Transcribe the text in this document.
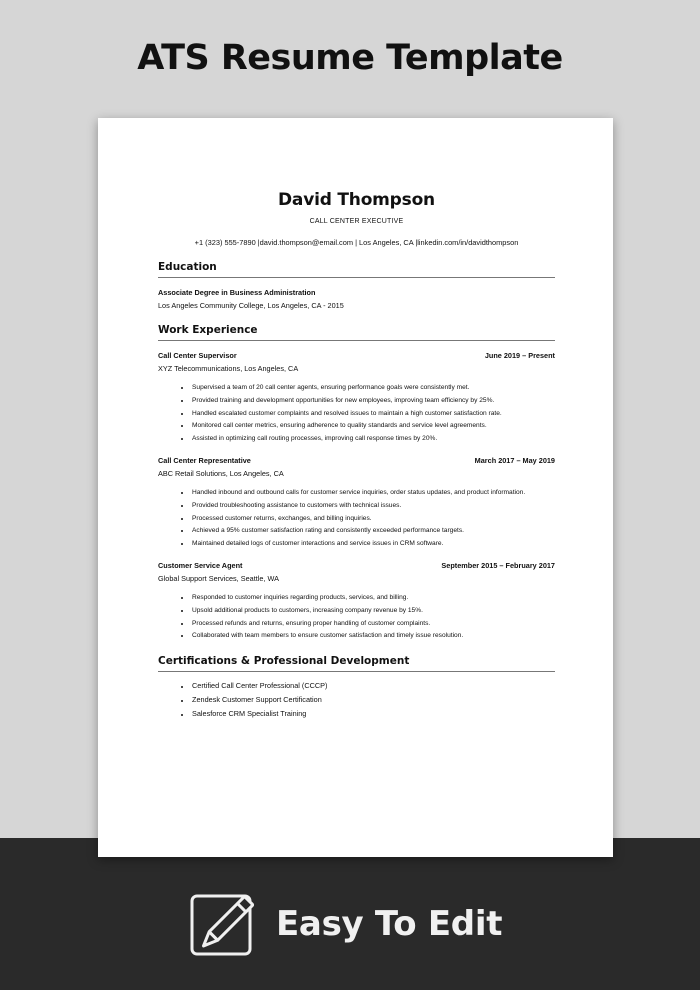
ATS Resume Template
David Thompson
CALL CENTER EXECUTIVE
+1 (323) 555-7890 |david.thompson@email.com | Los Angeles, CA |linkedin.com/in/davidthompson
Education
Associate Degree in Business Administration
Los Angeles Community College, Los Angeles, CA - 2015
Work Experience
Call Center Supervisor	June 2019 – Present
XYZ Telecommunications, Los Angeles, CA
• Supervised a team of 20 call center agents, ensuring performance goals were consistently met.
• Provided training and development opportunities for new employees, improving team efficiency by 25%.
• Handled escalated customer complaints and resolved issues to maintain a high customer satisfaction rate.
• Monitored call center metrics, ensuring adherence to quality standards and service level agreements.
• Assisted in optimizing call routing processes, improving call response times by 20%.
Call Center Representative	March 2017 – May 2019
ABC Retail Solutions, Los Angeles, CA
• Handled inbound and outbound calls for customer service inquiries, order status updates, and product information.
• Provided troubleshooting assistance to customers with technical issues.
• Processed customer returns, exchanges, and billing inquiries.
• Achieved a 95% customer satisfaction rating and consistently exceeded performance targets.
• Maintained detailed logs of customer interactions and service issues in CRM software.
Customer Service Agent	September 2015 – February 2017
Global Support Services, Seattle, WA
• Responded to customer inquiries regarding products, services, and billing.
• Upsold additional products to customers, increasing company revenue by 15%.
• Processed refunds and returns, ensuring proper handling of customer complaints.
• Collaborated with team members to ensure customer satisfaction and timely issue resolution.
Certifications & Professional Development
• Certified Call Center Professional (CCCP)
• Zendesk Customer Support Certification
• Salesforce CRM Specialist Training
Easy To Edit
